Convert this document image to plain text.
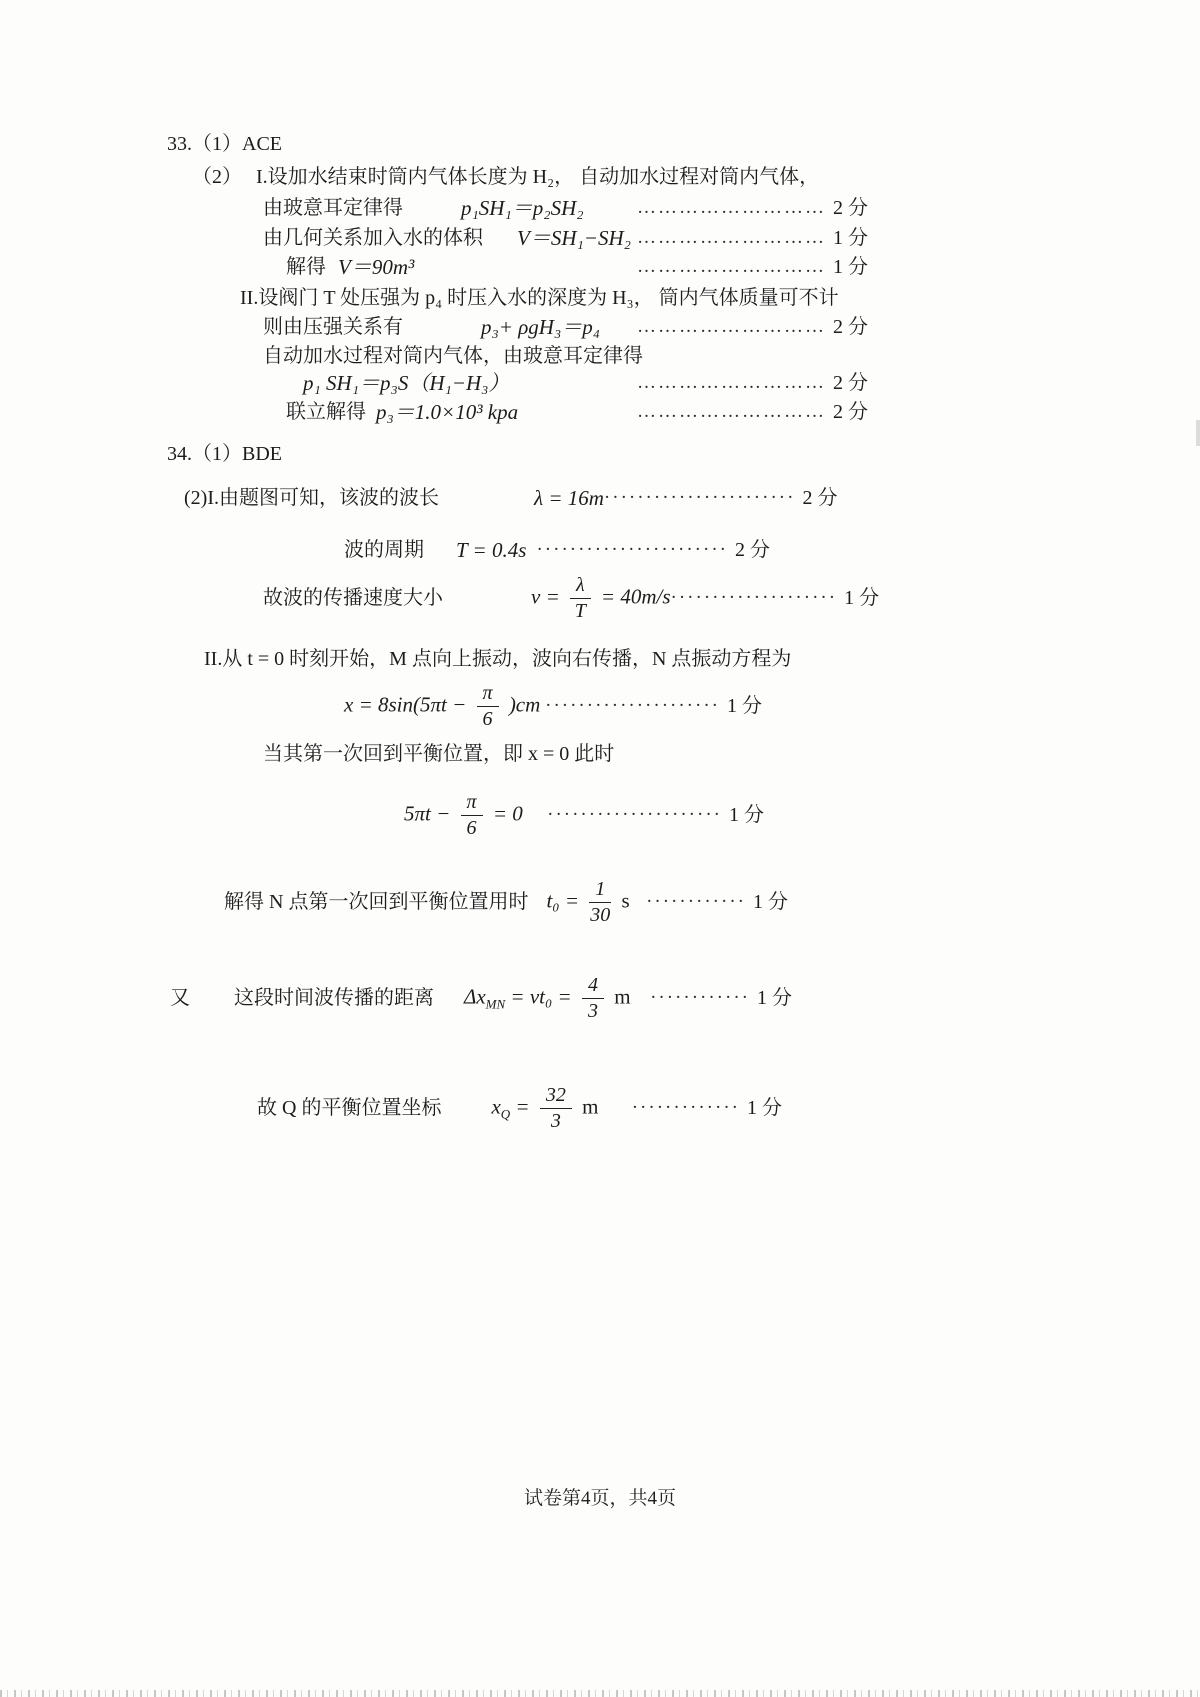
33.（1）ACE
（2） I.设加水结束时筒内气体长度为 H₂， 自动加水过程对筒内气体，
由玻意耳定律得	p₁SH₁＝p₂SH₂	……………………… 2 分
由几何关系加入水的体积 V＝SH₁−SH₂ ……………………… 1 分
解得 V＝90m³	……………………… 1 分
II.设阀门 T 处压强为 p₄ 时压入水的深度为 H₃， 筒内气体质量可不计
则由压强关系有	p₃+ ρgH₃＝p₄ ……………………… 2 分
自动加水过程对筒内气体，由玻意耳定律得
p₁ SH₁＝p₃S（H₁−H₃）	……………………… 2 分
联立解得 p₃＝1.0×10³ kpa	……………………… 2 分
34.（1）BDE
(2)I.由题图可知，该波的波长	λ = 16m ······················· 2 分
波的周期 T = 0.4s ······················· 2 分
故波的传播速度大小	$v = \frac{\lambda}{T} = 40m/s$ ···················· 1 分
II.从 t = 0 时刻开始，M 点向上振动，波向右传播，N 点振动方程为
$x = 8\sin(5\pi t - \frac{\pi}{6} )cm$ ····················· 1 分
当其第一次回到平衡位置，即 x = 0 此时
$5\pi t - \frac{\pi}{6} = 0$ ····················· 1 分
解得 N 点第一次回到平衡位置用时 $t_0 = \frac{1}{30}$ s ············ 1 分
又 这段时间波传播的距离 $\Delta x_{MN} = vt_0 = \frac{4}{3}$ m ············ 1 分
故 Q 的平衡位置坐标 $x_Q = \frac{32}{3}$ m ············· 1 分
试卷第4页，共4页
